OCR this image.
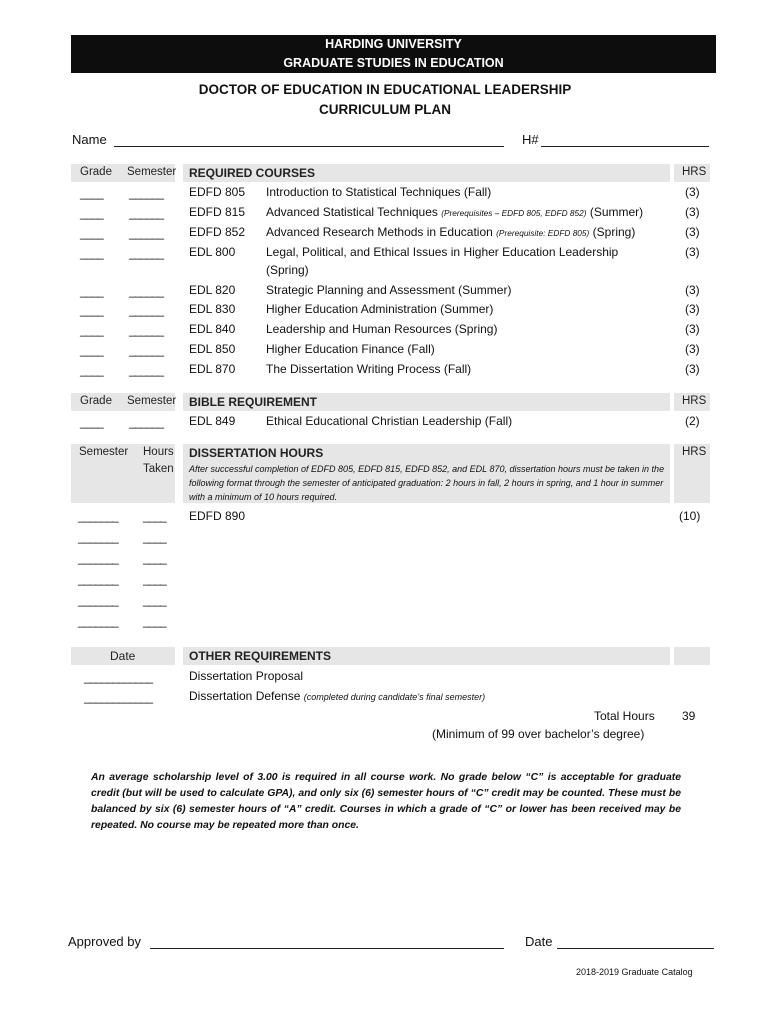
HARDING UNIVERSITY
GRADUATE STUDIES IN EDUCATION
DOCTOR OF EDUCATION IN EDUCATIONAL LEADERSHIP
CURRICULUM PLAN
Name	H#
Grade Semester REQUIRED COURSES	HRS
____ ______ EDFD 805 Introduction to Statistical Techniques (Fall)	(3)
____ ______ EDFD 815 Advanced Statistical Techniques (Prerequisites – EDFD 805, EDFD 852) (Summer)	(3)
____ ______ EDFD 852 Advanced Research Methods in Education (Prerequisite: EDFD 805) (Spring)	(3)
____ ______ EDL 800	Legal, Political, and Ethical Issues in Higher Education Leadership
(Spring)
(3)
____ ______ EDL 820	Strategic Planning and Assessment (Summer)	(3)
____ ______ EDL 830	Higher Education Administration (Summer)	(3)
____ ______ EDL 840	Leadership and Human Resources (Spring)	(3)
____ ______ EDL 850	Higher Education Finance (Fall)	(3)
____ ______ EDL 870	The Dissertation Writing Process (Fall)	(3)
Grade Semester BIBLE REQUIREMENT	HRS
____ ______ EDL 849	Ethical Educational Christian Leadership (Fall)	(2)
Semester Hours
Taken
DISSERTATION HOURS	HRS
After successful completion of EDFD 805, EDFD 815, EDFD 852, and EDL 870, dissertation hours must be taken in the following format through the semester of anticipated graduation: 2 hours in fall, 2 hours in spring, and 1 hour in summer with a minimum of 10 hours required.
EDFD 890	(10)
_______ ____
_______ ____
_______ ____
_______ ____
_______ ____
_______ ____
Date	OTHER REQUIREMENTS
____________	Dissertation Proposal
____________	Dissertation Defense (completed during candidate’s final semester)
Total Hours 39
(Minimum of 99 over bachelor’s degree)
An average scholarship level of 3.00 is required in all course work. No grade below “C” is acceptable for graduate credit (but will be used to calculate GPA), and only six (6) semester hours of “C” credit may be counted. These must be balanced by six (6) semester hours of “A” credit. Courses in which a grade of “C” or lower has been received may be repeated. No course may be repeated more than once.
Approved by	Date
2018-2019 Graduate Catalog
